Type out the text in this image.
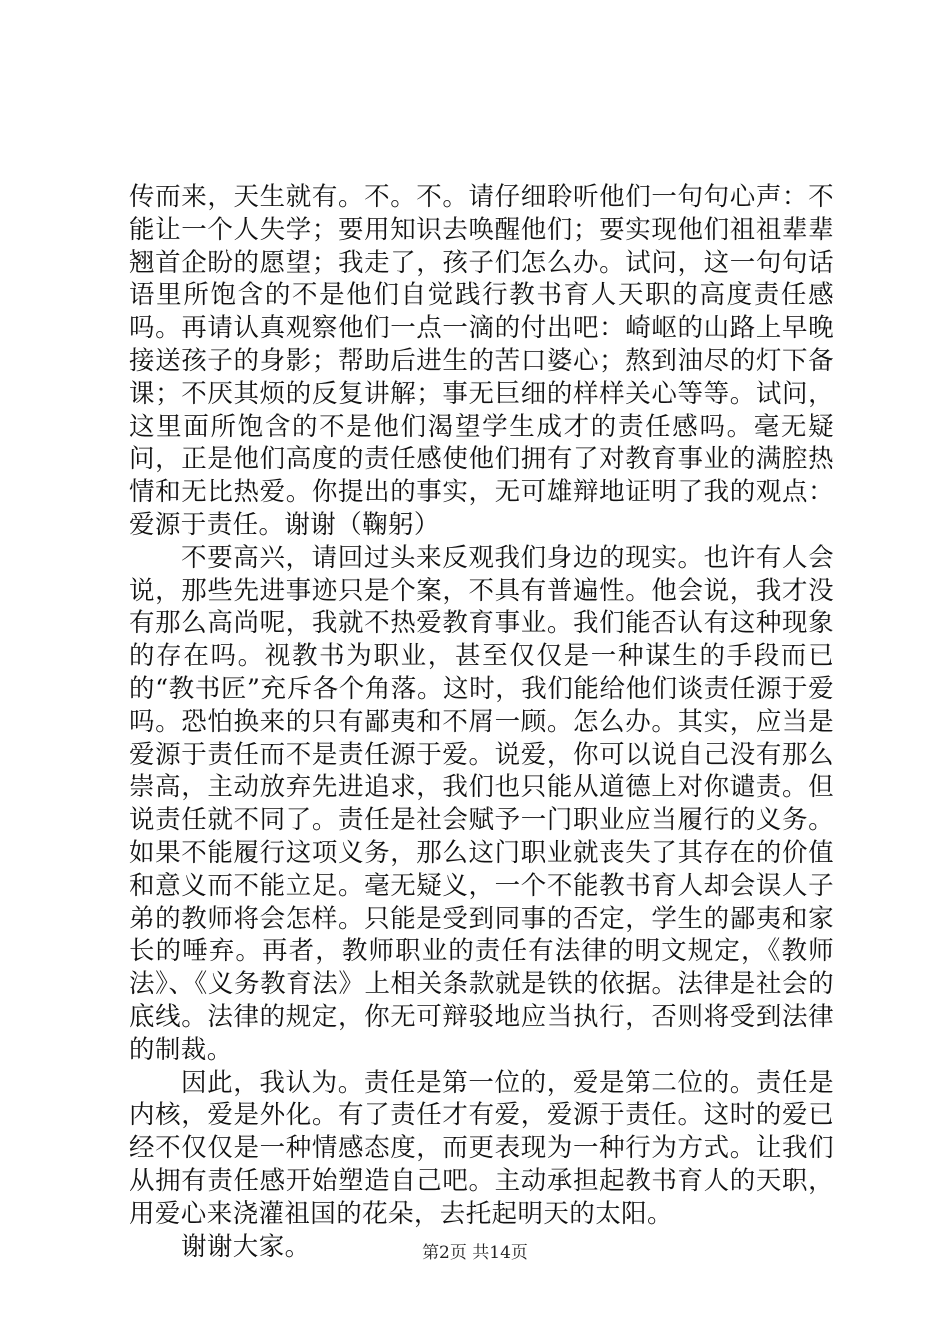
传而来，天生就有。不。不。请仔细聆听他们一句句心声：不能让一个人失学；要用知识去唤醒他们；要实现他们祖祖辈辈翘首企盼的愿望；我走了，孩子们怎么办。试问，这一句句话语里所饱含的不是他们自觉践行教书育人天职的高度责任感吗。再请认真观察他们一点一滴的付出吧：崎岖的山路上早晚接送孩子的身影；帮助后进生的苦口婆心；熬到油尽的灯下备课；不厌其烦的反复讲解；事无巨细的样样关心等等。试问，这里面所饱含的不是他们渴望学生成才的责任感吗。毫无疑问，正是他们高度的责任感使他们拥有了对教育事业的满腔热情和无比热爱。你提出的事实，无可雄辩地证明了我的观点：爱源于责任。谢谢（鞠躬）

不要高兴，请回过头来反观我们身边的现实。也许有人会说，那些先进事迹只是个案，不具有普遍性。他会说，我才没有那么高尚呢，我就不热爱教育事业。我们能否认有这种现象的存在吗。视教书为职业，甚至仅仅是一种谋生的手段而已的“教书匠”充斥各个角落。这时，我们能给他们谈责任源于爱吗。恐怕换来的只有鄙夷和不屑一顾。怎么办。其实，应当是爱源于责任而不是责任源于爱。说爱，你可以说自己没有那么崇高，主动放弃先进追求，我们也只能从道德上对你谴责。但说责任就不同了。责任是社会赋予一门职业应当履行的义务。如果不能履行这项义务，那么这门职业就丧失了其存在的价值和意义而不能立足。毫无疑义，一个不能教书育人却会误人子弟的教师将会怎样。只能是受到同事的否定，学生的鄙夷和家长的唾弃。再者，教师职业的责任有法律的明文规定，《教师法》、《义务教育法》上相关条款就是铁的依据。法律是社会的底线。法律的规定，你无可辩驳地应当执行，否则将受到法律的制裁。

因此，我认为。责任是第一位的，爱是第二位的。责任是内核，爱是外化。有了责任才有爱，爱源于责任。这时的爱已经不仅仅是一种情感态度，而更表现为一种行为方式。让我们从拥有责任感开始塑造自己吧。主动承担起教书育人的天职，用爱心来浇灌祖国的花朵，去托起明天的太阳。

谢谢大家。	第2页 共14页
